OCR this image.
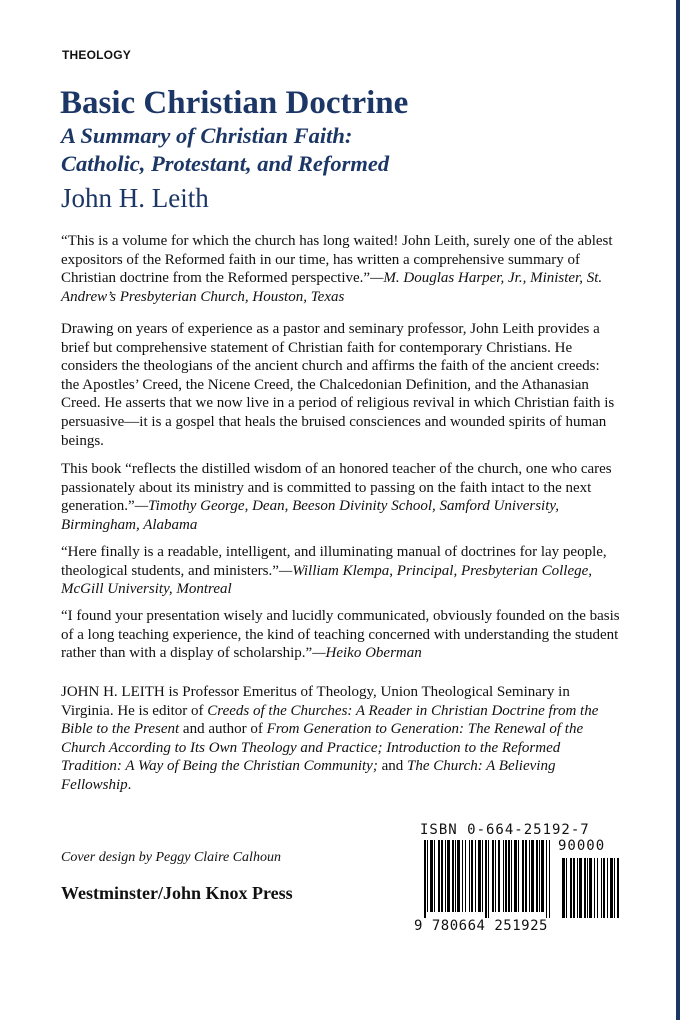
THEOLOGY
Basic Christian Doctrine
A Summary of Christian Faith:
Catholic, Protestant, and Reformed
John H. Leith

“This is a volume for which the church has long waited! John Leith, surely one of the ablest expositors of the Reformed faith in our time, has written a comprehensive summary of Christian doctrine from the Reformed perspective.”—M. Douglas Harper, Jr., Minister, St. Andrew’s Presbyterian Church, Houston, Texas

Drawing on years of experience as a pastor and seminary professor, John Leith provides a brief but comprehensive statement of Christian faith for contemporary Christians. He considers the theologians of the ancient church and affirms the faith of the ancient creeds: the Apostles’ Creed, the Nicene Creed, the Chalcedonian Definition, and the Athanasian Creed. He asserts that we now live in a period of religious revival in which Christian faith is persuasive—it is a gospel that heals the bruised consciences and wounded spirits of human beings.

This book “reflects the distilled wisdom of an honored teacher of the church, one who cares passionately about its ministry and is committed to passing on the faith intact to the next generation.”—Timothy George, Dean, Beeson Divinity School, Samford University, Birmingham, Alabama

“Here finally is a readable, intelligent, and illuminating manual of doctrines for lay people, theological students, and ministers.”—William Klempa, Principal, Presbyterian College, McGill University, Montreal

“I found your presentation wisely and lucidly communicated, obviously founded on the basis of a long teaching experience, the kind of teaching concerned with understanding the student rather than with a display of scholarship.”—Heiko Oberman

JOHN H. LEITH is Professor Emeritus of Theology, Union Theological Seminary in Virginia. He is editor of Creeds of the Churches: A Reader in Christian Doctrine from the Bible to the Present and author of From Generation to Generation: The Renewal of the Church According to Its Own Theology and Practice; Introduction to the Reformed Tradition: A Way of Being the Christian Community; and The Church: A Believing Fellowship.

Cover design by Peggy Claire Calhoun
Westminster/John Knox Press
ISBN 0-664-25192-7
90000
9 780664 251925
